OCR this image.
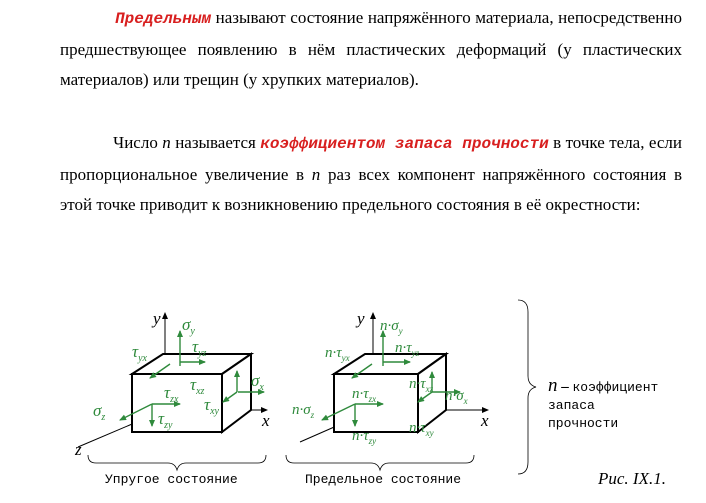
Предельным называют состояние напряжённого материала, непосредственно предшествующее появлению в нём пластических деформаций (у пластических материалов) или трещин (у хрупких материалов).

Число n называется коэффициентом запаса прочности в точке тела, если пропорциональное увеличение в n раз всех компонент напряжённого состояния в этой точке приводит к возникновению предельного состояния в её окрестности:

y
x
z
$\sigma_y$
$\tau_{yx}$
$\tau_{yz}$
$\tau_{zx}$
$\tau_{xz}$
$\tau_{xy}$
$\sigma_x$
$\sigma_z$	$\tau_{zy}$
Упругое состояние
y
x
$n\cdot\sigma_y$
$n\cdot\tau_{yx}$
$n\cdot\tau_{yz}$
$n\cdot\tau_{zx}$
$n\cdot\tau_{xz}$ $n\cdot\sigma_x$
$n\cdot\sigma_z$
$n\cdot\tau_{xy}$
$n\cdot\tau_{zy}$
Предельное состояние
n – коэффициент
запаса
прочности
Рис. IX.1.
